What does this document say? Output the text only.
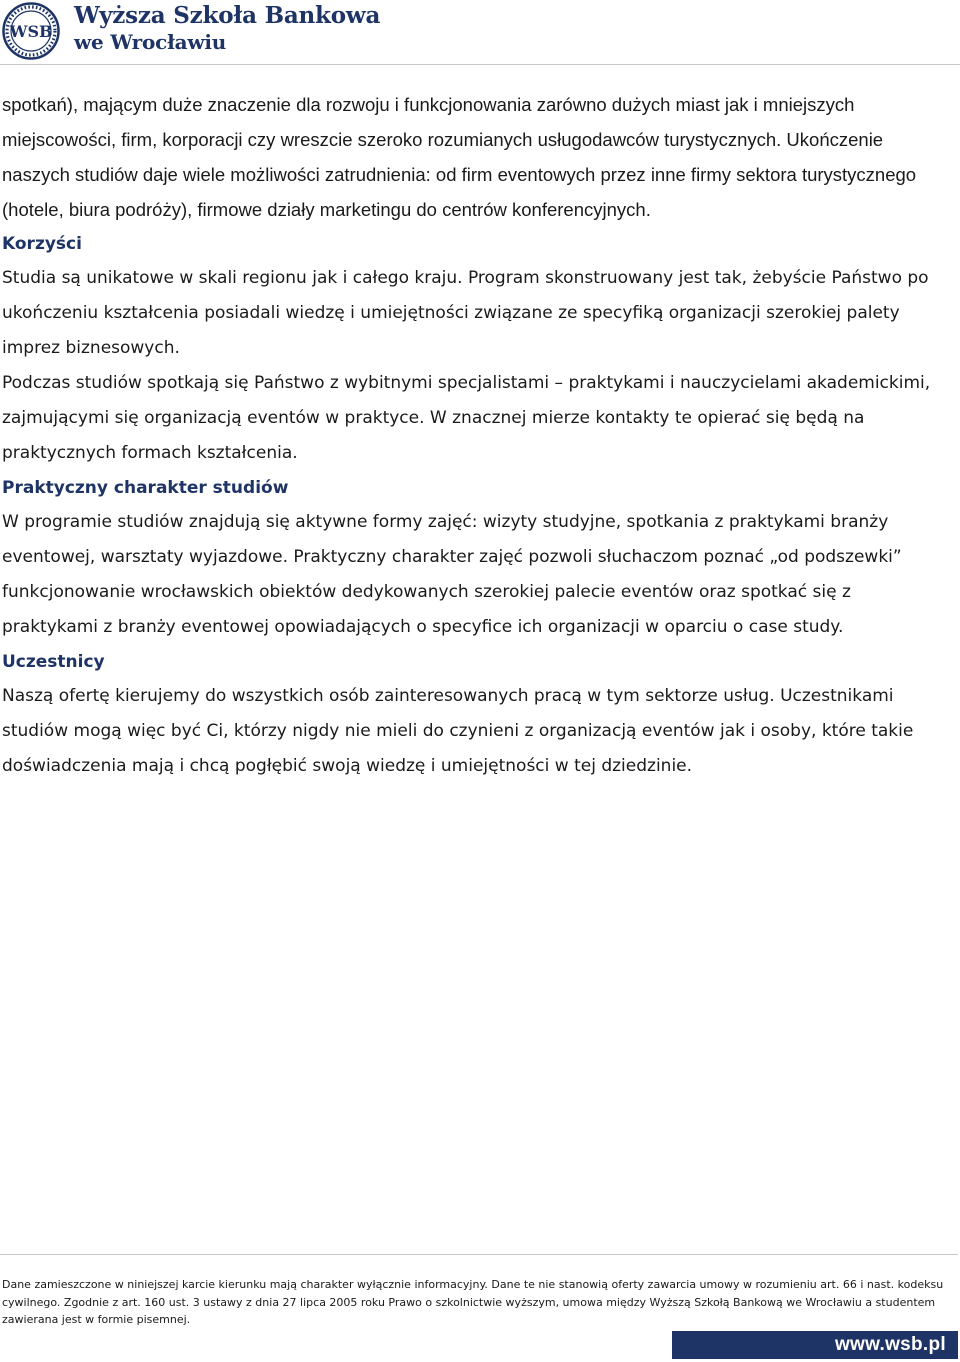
WSB
Wyższa Szkoła Bankowa
we Wrocławiu

spotkań), mającym duże znaczenie dla rozwoju i funkcjonowania zarówno dużych miast jak i mniejszych miejscowości, firm, korporacji czy wreszcie szeroko rozumianych usługodawców turystycznych. Ukończenie naszych studiów daje wiele możliwości zatrudnienia: od firm eventowych przez inne firmy sektora turystycznego (hotele, biura podróży), firmowe działy marketingu do centrów konferencyjnych.

Korzyści

Studia są unikatowe w skali regionu jak i całego kraju. Program skonstruowany jest tak, żebyście Państwo po ukończeniu kształcenia posiadali wiedzę i umiejętności związane ze specyfiką organizacji szerokiej palety imprez biznesowych.

Podczas studiów spotkają się Państwo z wybitnymi specjalistami – praktykami i nauczycielami akademickimi, zajmującymi się organizacją eventów w praktyce. W znacznej mierze kontakty te opierać się będą na praktycznych formach kształcenia.

Praktyczny charakter studiów

W programie studiów znajdują się aktywne formy zajęć: wizyty studyjne, spotkania z praktykami branży eventowej, warsztaty wyjazdowe. Praktyczny charakter zajęć pozwoli słuchaczom poznać „od podszewki” funkcjonowanie wrocławskich obiektów dedykowanych szerokiej palecie eventów oraz spotkać się z praktykami z branży eventowej opowiadających o specyfice ich organizacji w oparciu o case study.

Uczestnicy

Naszą ofertę kierujemy do wszystkich osób zainteresowanych pracą w tym sektorze usług. Uczestnikami studiów mogą więc być Ci, którzy nigdy nie mieli do czynieni z organizacją eventów jak i osoby, które takie doświadczenia mają i chcą pogłębić swoją wiedzę i umiejętności w tej dziedzinie.

Dane zamieszczone w niniejszej karcie kierunku mają charakter wyłącznie informacyjny. Dane te nie stanowią oferty zawarcia umowy w rozumieniu art. 66 i nast. kodeksu cywilnego. Zgodnie z art. 160 ust. 3 ustawy z dnia 27 lipca 2005 roku Prawo o szkolnictwie wyższym, umowa między Wyższą Szkołą Bankową we Wrocławiu a studentem zawierana jest w formie pisemnej.
www.wsb.pl
